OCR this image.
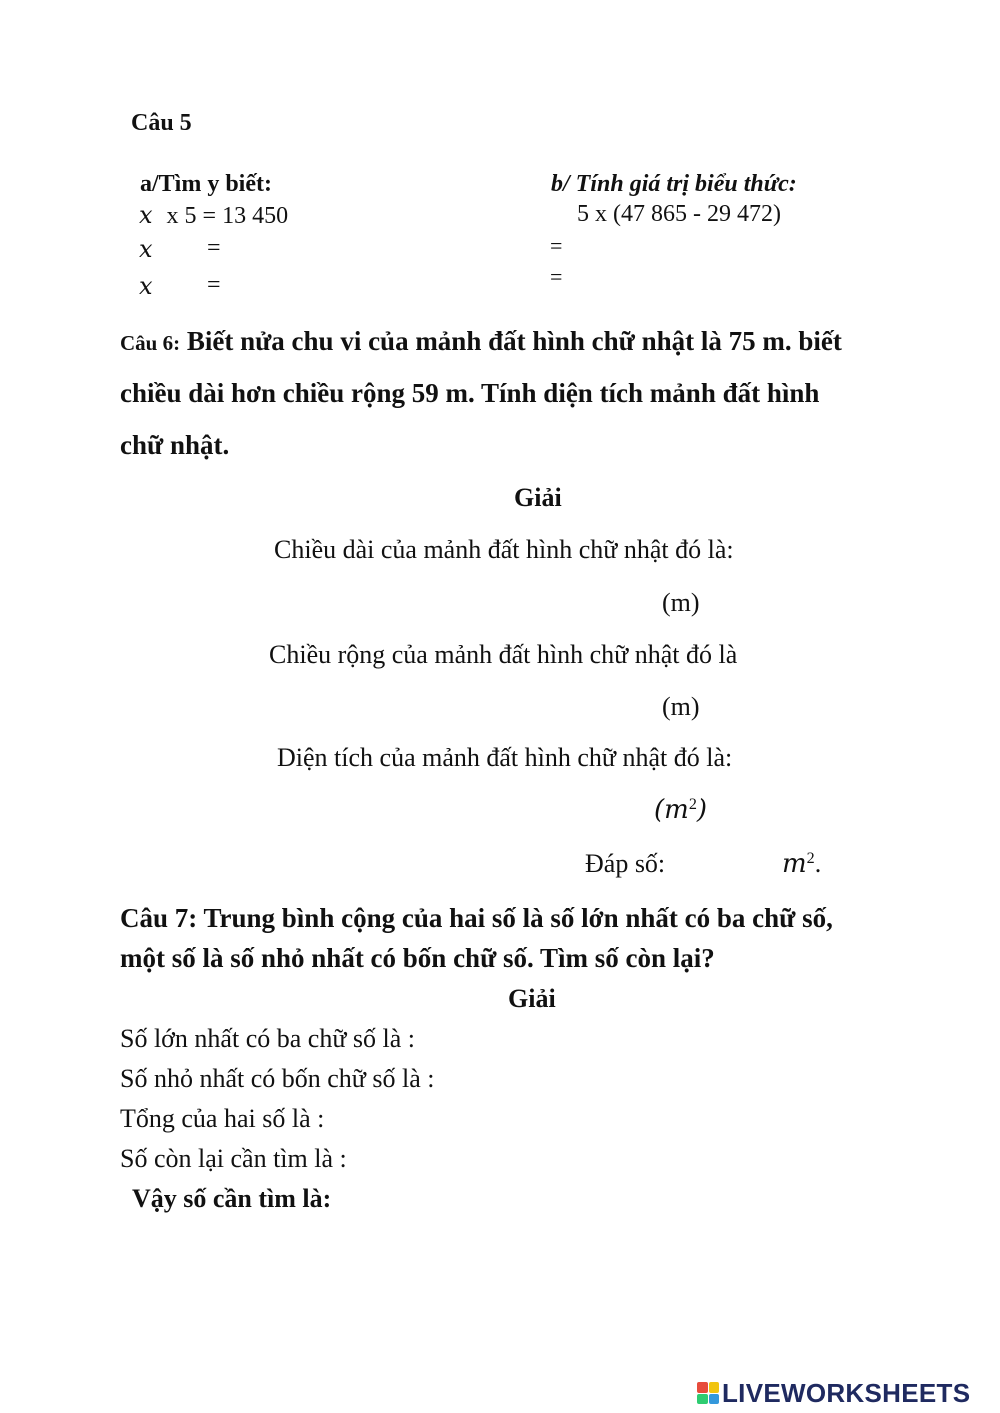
Câu 5
a/Tìm y biết:
x x 5 = 13 450
x =
x =
b/ Tính giá trị biểu thức:
5 x (47 865 - 29 472)
=
=
Câu 6: Biết nửa chu vi của mảnh đất hình chữ nhật là 75 m. biết
chiều dài hơn chiều rộng 59 m. Tính diện tích mảnh đất hình
chữ nhật.
Giải
Chiều dài của mảnh đất hình chữ nhật đó là:
(m)
Chiều rộng của mảnh đất hình chữ nhật đó là
(m)
Diện tích của mảnh đất hình chữ nhật đó là:
$(m^2)$
Đáp số:	$m^2$.
Câu 7: Trung bình cộng của hai số là số lớn nhất có ba chữ số,
một số là số nhỏ nhất có bốn chữ số. Tìm số còn lại?
Giải
Số lớn nhất có ba chữ số là :
Số nhỏ nhất có bốn chữ số là :
Tổng của hai số là :
Số còn lại cần tìm là :
Vậy số cần tìm là:
LIVEWORKSHEETS
